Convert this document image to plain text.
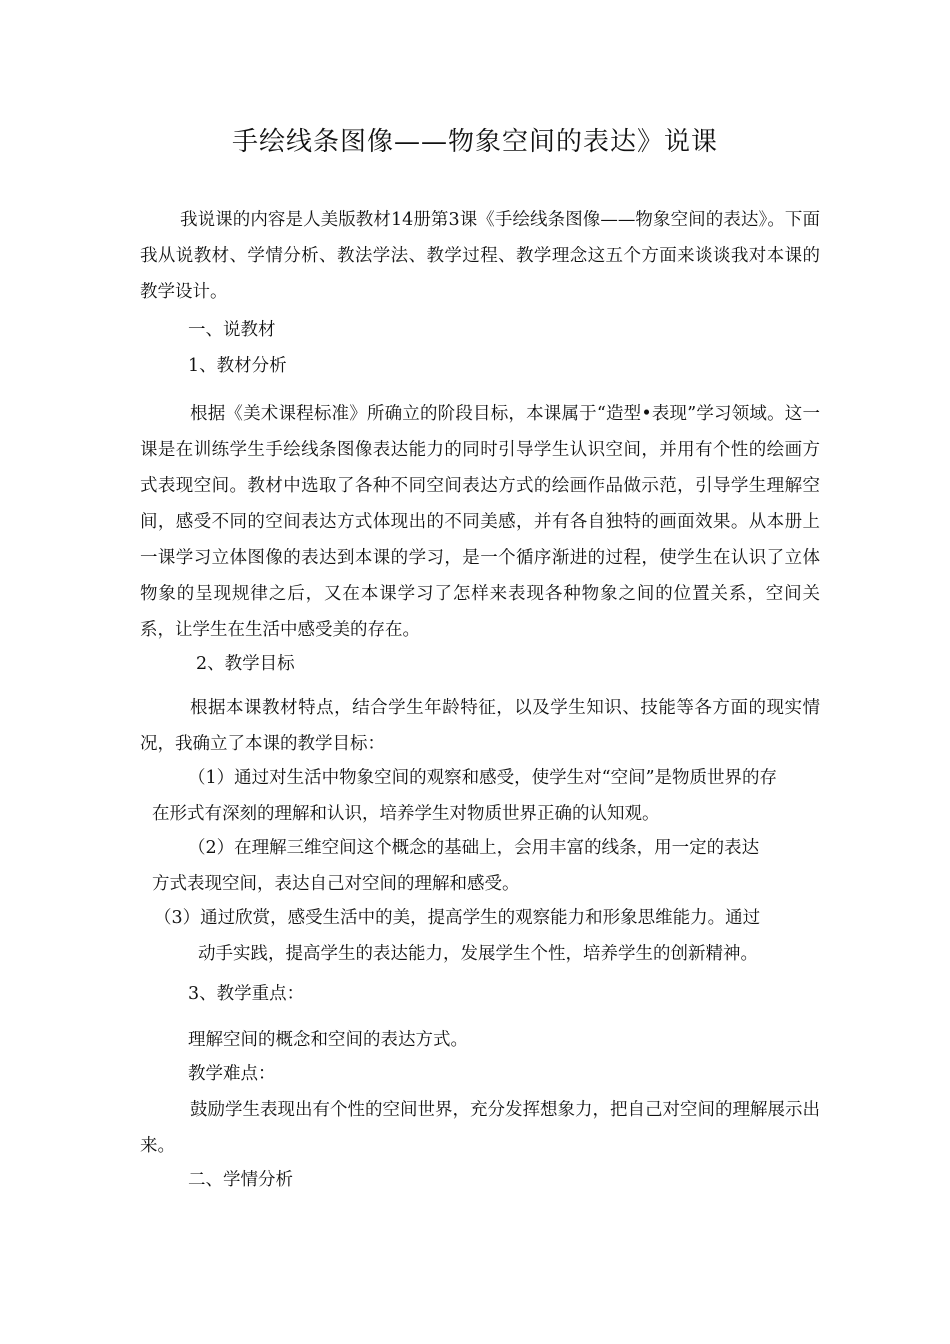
手绘线条图像——物象空间的表达》说课
我说课的内容是人美版教材14册第3课《手绘线条图像——物象空间的表达》。下面我从说教材、学情分析、教法学法、教学过程、教学理念这五个方面来谈谈我对本课的教学设计。
一、说教材
1、教材分析
根据《美术课程标准》所确立的阶段目标，本课属于“造型•表现”学习领域。这一课是在训练学生手绘线条图像表达能力的同时引导学生认识空间，并用有个性的绘画方式表现空间。教材中选取了各种不同空间表达方式的绘画作品做示范，引导学生理解空间，感受不同的空间表达方式体现出的不同美感，并有各自独特的画面效果。从本册上一课学习立体图像的表达到本课的学习，是一个循序渐进的过程，使学生在认识了立体物象的呈现规律之后，又在本课学习了怎样来表现各种物象之间的位置关系，空间关系，让学生在生活中感受美的存在。
2、教学目标
根据本课教材特点，结合学生年龄特征，以及学生知识、技能等各方面的现实情况，我确立了本课的教学目标：
（1）通过对生活中物象空间的观察和感受，使学生对“空间”是物质世界的存
在形式有深刻的理解和认识，培养学生对物质世界正确的认知观。
（2）在理解三维空间这个概念的基础上，会用丰富的线条，用一定的表达
方式表现空间，表达自己对空间的理解和感受。
（3）通过欣赏，感受生活中的美，提高学生的观察能力和形象思维能力。通过
动手实践，提高学生的表达能力，发展学生个性，培养学生的创新精神。
3、教学重点：
理解空间的概念和空间的表达方式。
教学难点：
鼓励学生表现出有个性的空间世界，充分发挥想象力，把自己对空间的理解展示出来。
二、学情分析
